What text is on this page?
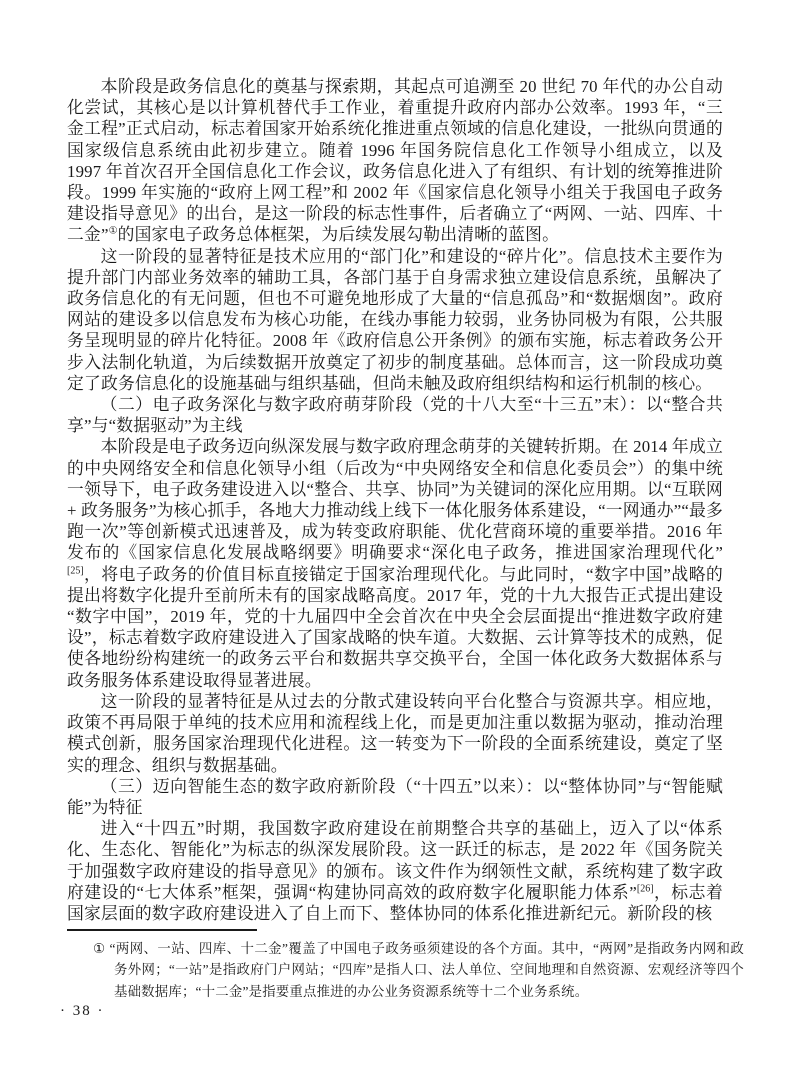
本阶段是政务信息化的奠基与探索期，其起点可追溯至 20 世纪 70 年代的办公自动化尝试，其核心是以计算机替代手工作业，着重提升政府内部办公效率。1993 年，“三金工程”正式启动，标志着国家开始系统化推进重点领域的信息化建设，一批纵向贯通的国家级信息系统由此初步建立。随着 1996 年国务院信息化工作领导小组成立，以及 1997 年首次召开全国信息化工作会议，政务信息化进入了有组织、有计划的统筹推进阶段。1999 年实施的“政府上网工程”和 2002 年《国家信息化领导小组关于我国电子政务建设指导意见》的出台，是这一阶段的标志性事件，后者确立了“两网、一站、四库、十二金”①的国家电子政务总体框架，为后续发展勾勒出清晰的蓝图。

这一阶段的显著特征是技术应用的“部门化”和建设的“碎片化”。信息技术主要作为提升部门内部业务效率的辅助工具，各部门基于自身需求独立建设信息系统，虽解决了政务信息化的有无问题，但也不可避免地形成了大量的“信息孤岛”和“数据烟囱”。政府网站的建设多以信息发布为核心功能，在线办事能力较弱，业务协同极为有限，公共服务呈现明显的碎片化特征。2008 年《政府信息公开条例》的颁布实施，标志着政务公开步入法制化轨道，为后续数据开放奠定了初步的制度基础。总体而言，这一阶段成功奠定了政务信息化的设施基础与组织基础，但尚未触及政府组织结构和运行机制的核心。

（二）电子政务深化与数字政府萌芽阶段（党的十八大至“十三五”末）：以“整合共享”与“数据驱动”为主线

本阶段是电子政务迈向纵深发展与数字政府理念萌芽的关键转折期。在 2014 年成立的中央网络安全和信息化领导小组（后改为“中央网络安全和信息化委员会”）的集中统一领导下，电子政务建设进入以“整合、共享、协同”为关键词的深化应用期。以“互联网 + 政务服务”为核心抓手，各地大力推动线上线下一体化服务体系建设，“一网通办”“最多跑一次”等创新模式迅速普及，成为转变政府职能、优化营商环境的重要举措。2016 年发布的《国家信息化发展战略纲要》明确要求“深化电子政务，推进国家治理现代化”[25]，将电子政务的价值目标直接锚定于国家治理现代化。与此同时，“数字中国”战略的提出将数字化提升至前所未有的国家战略高度。2017 年，党的十九大报告正式提出建设“数字中国”，2019 年，党的十九届四中全会首次在中央全会层面提出“推进数字政府建设”，标志着数字政府建设进入了国家战略的快车道。大数据、云计算等技术的成熟，促使各地纷纷构建统一的政务云平台和数据共享交换平台，全国一体化政务大数据体系与政务服务体系建设取得显著进展。

这一阶段的显著特征是从过去的分散式建设转向平台化整合与资源共享。相应地，政策不再局限于单纯的技术应用和流程线上化，而是更加注重以数据为驱动，推动治理模式创新，服务国家治理现代化进程。这一转变为下一阶段的全面系统建设，奠定了坚实的理念、组织与数据基础。

（三）迈向智能生态的数字政府新阶段（“十四五”以来）：以“整体协同”与“智能赋能”为特征

进入“十四五”时期，我国数字政府建设在前期整合共享的基础上，迈入了以“体系化、生态化、智能化”为标志的纵深发展阶段。这一跃迁的标志，是 2022 年《国务院关于加强数字政府建设的指导意见》的颁布。该文件作为纲领性文献，系统构建了数字政府建设的“七大体系”框架，强调“构建协同高效的政府数字化履职能力体系”[26]，标志着国家层面的数字政府建设进入了自上而下、整体协同的体系化推进新纪元。新阶段的核

① “两网、一站、四库、十二金”覆盖了中国电子政务亟须建设的各个方面。其中，“两网”是指政务内网和政务外网；“一站”是指政府门户网站；“四库”是指人口、法人单位、空间地理和自然资源、宏观经济等四个基础数据库；“十二金”是指要重点推进的办公业务资源系统等十二个业务系统。
· 38 ·
